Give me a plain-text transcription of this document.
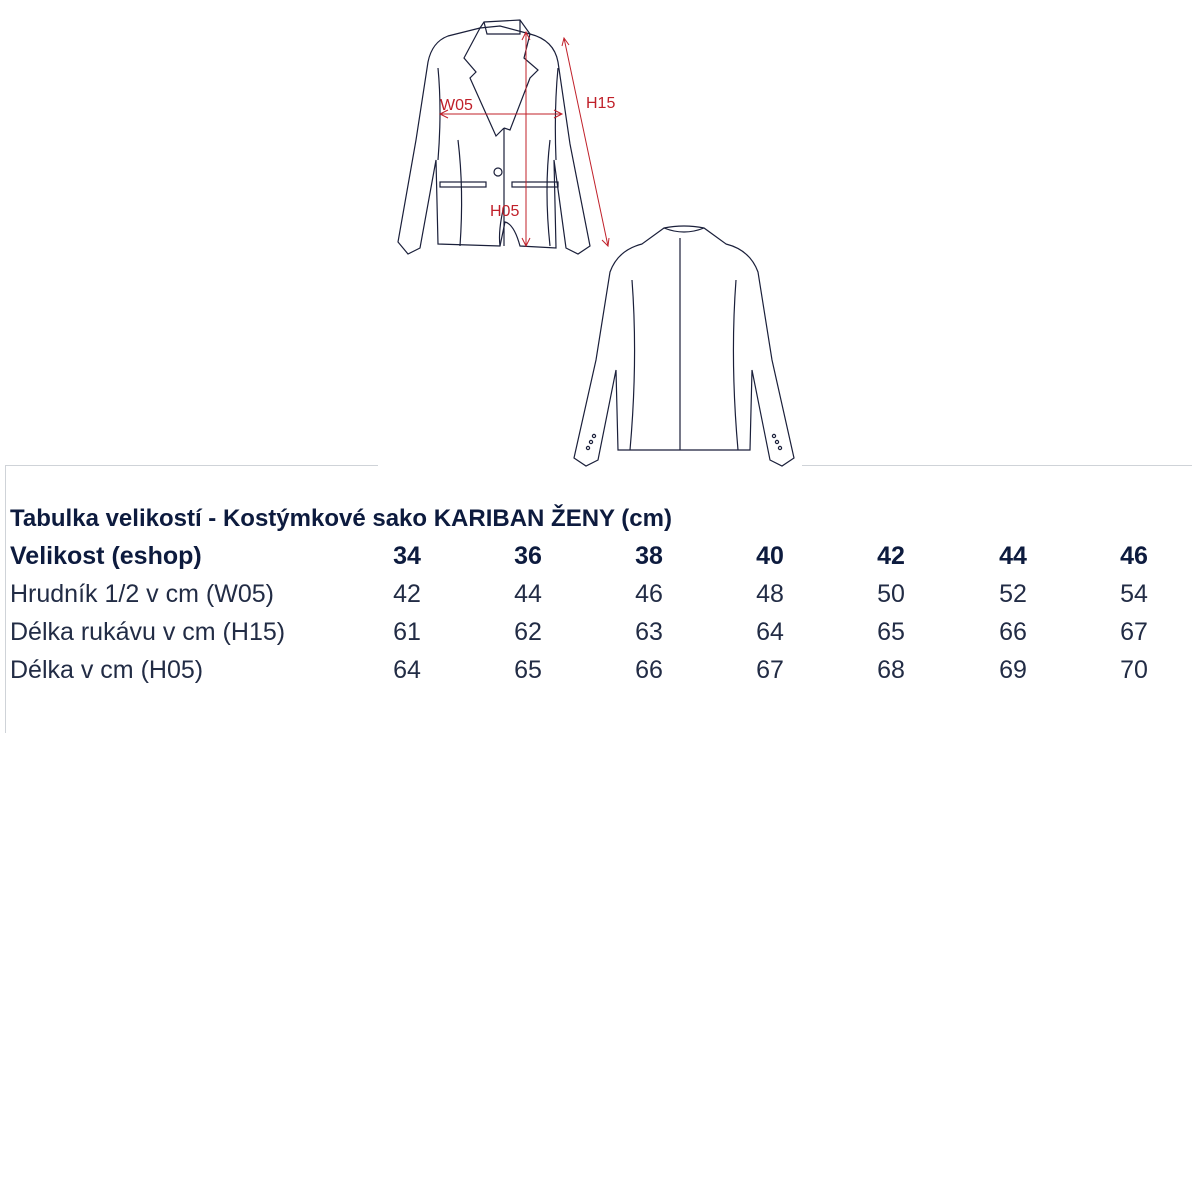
W05	H15
H05
Tabulka velikostí - Kostýmkové sako KARIBAN ŽENY (cm)
Velikost (eshop)	34	36	38	40	42	44	46
Hrudník 1/2 v cm (W05)	42	44	46	48	50	52	54
Délka rukávu v cm (H15)	61	62	63	64	65	66	67
Délka v cm (H05)	64	65	66	67	68	69	70
